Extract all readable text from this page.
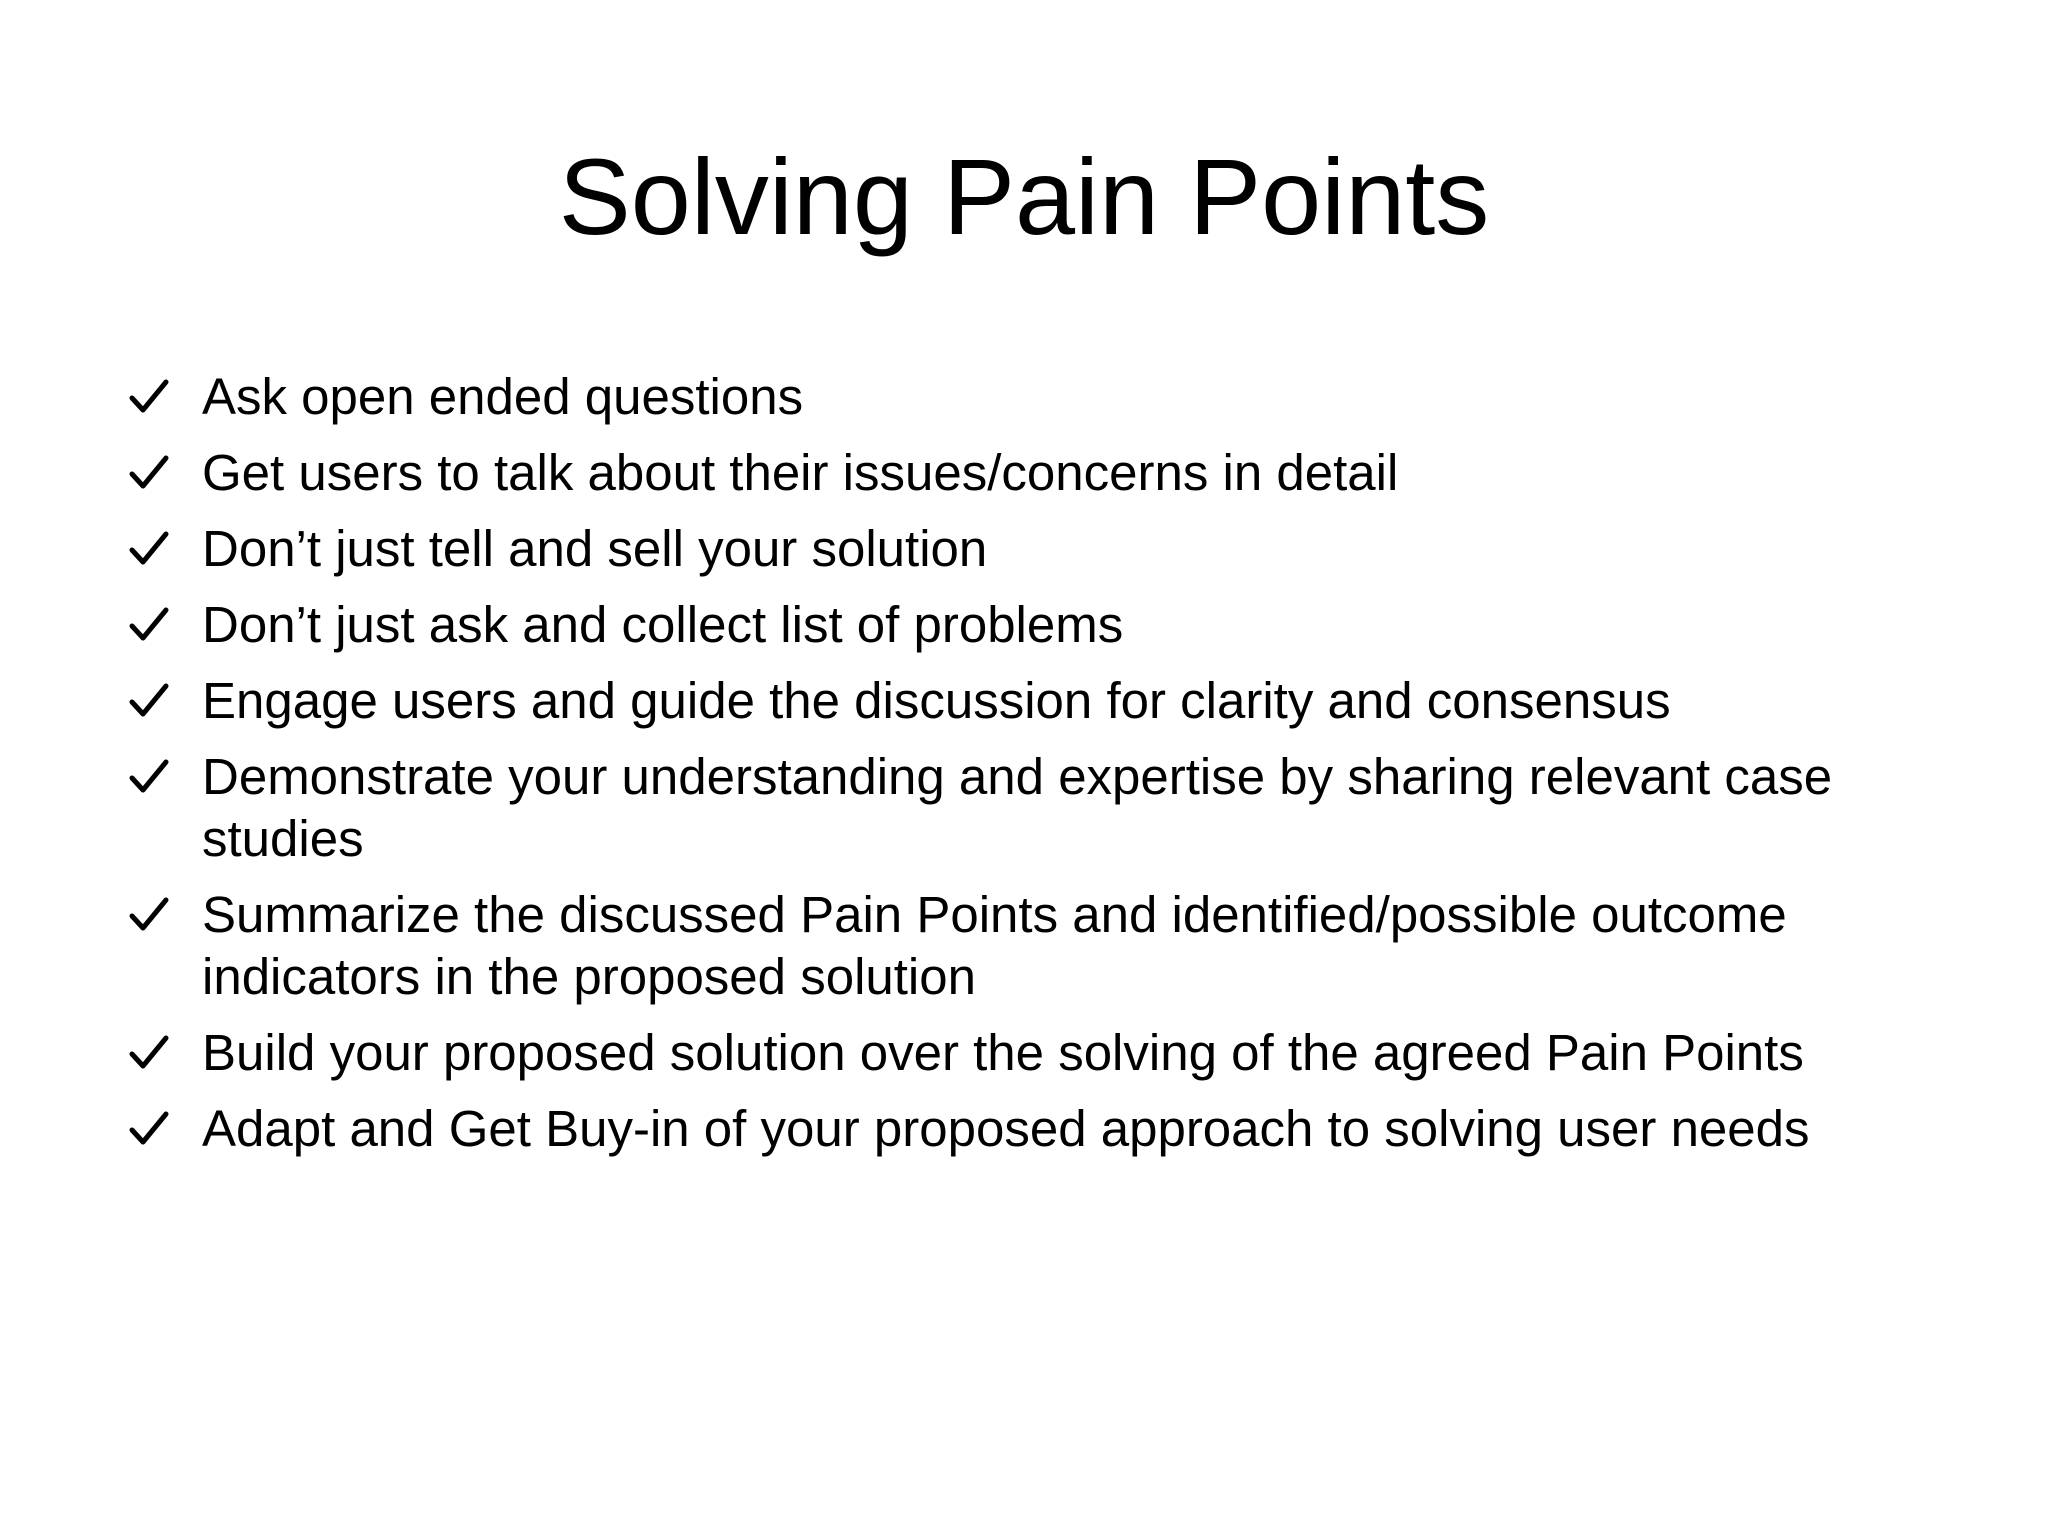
Solving Pain Points
Ask open ended questions
Get users to talk about their issues/concerns in detail
Don’t just tell and sell your solution
Don’t just ask and collect list of problems
Engage users and guide the discussion for clarity and consensus
Demonstrate your understanding and expertise by sharing relevant case studies
Summarize the discussed Pain Points and identified/possible outcome indicators in the proposed solution
Build your proposed solution over the solving of the agreed Pain Points
Adapt and Get Buy-in of your proposed approach to solving user needs
